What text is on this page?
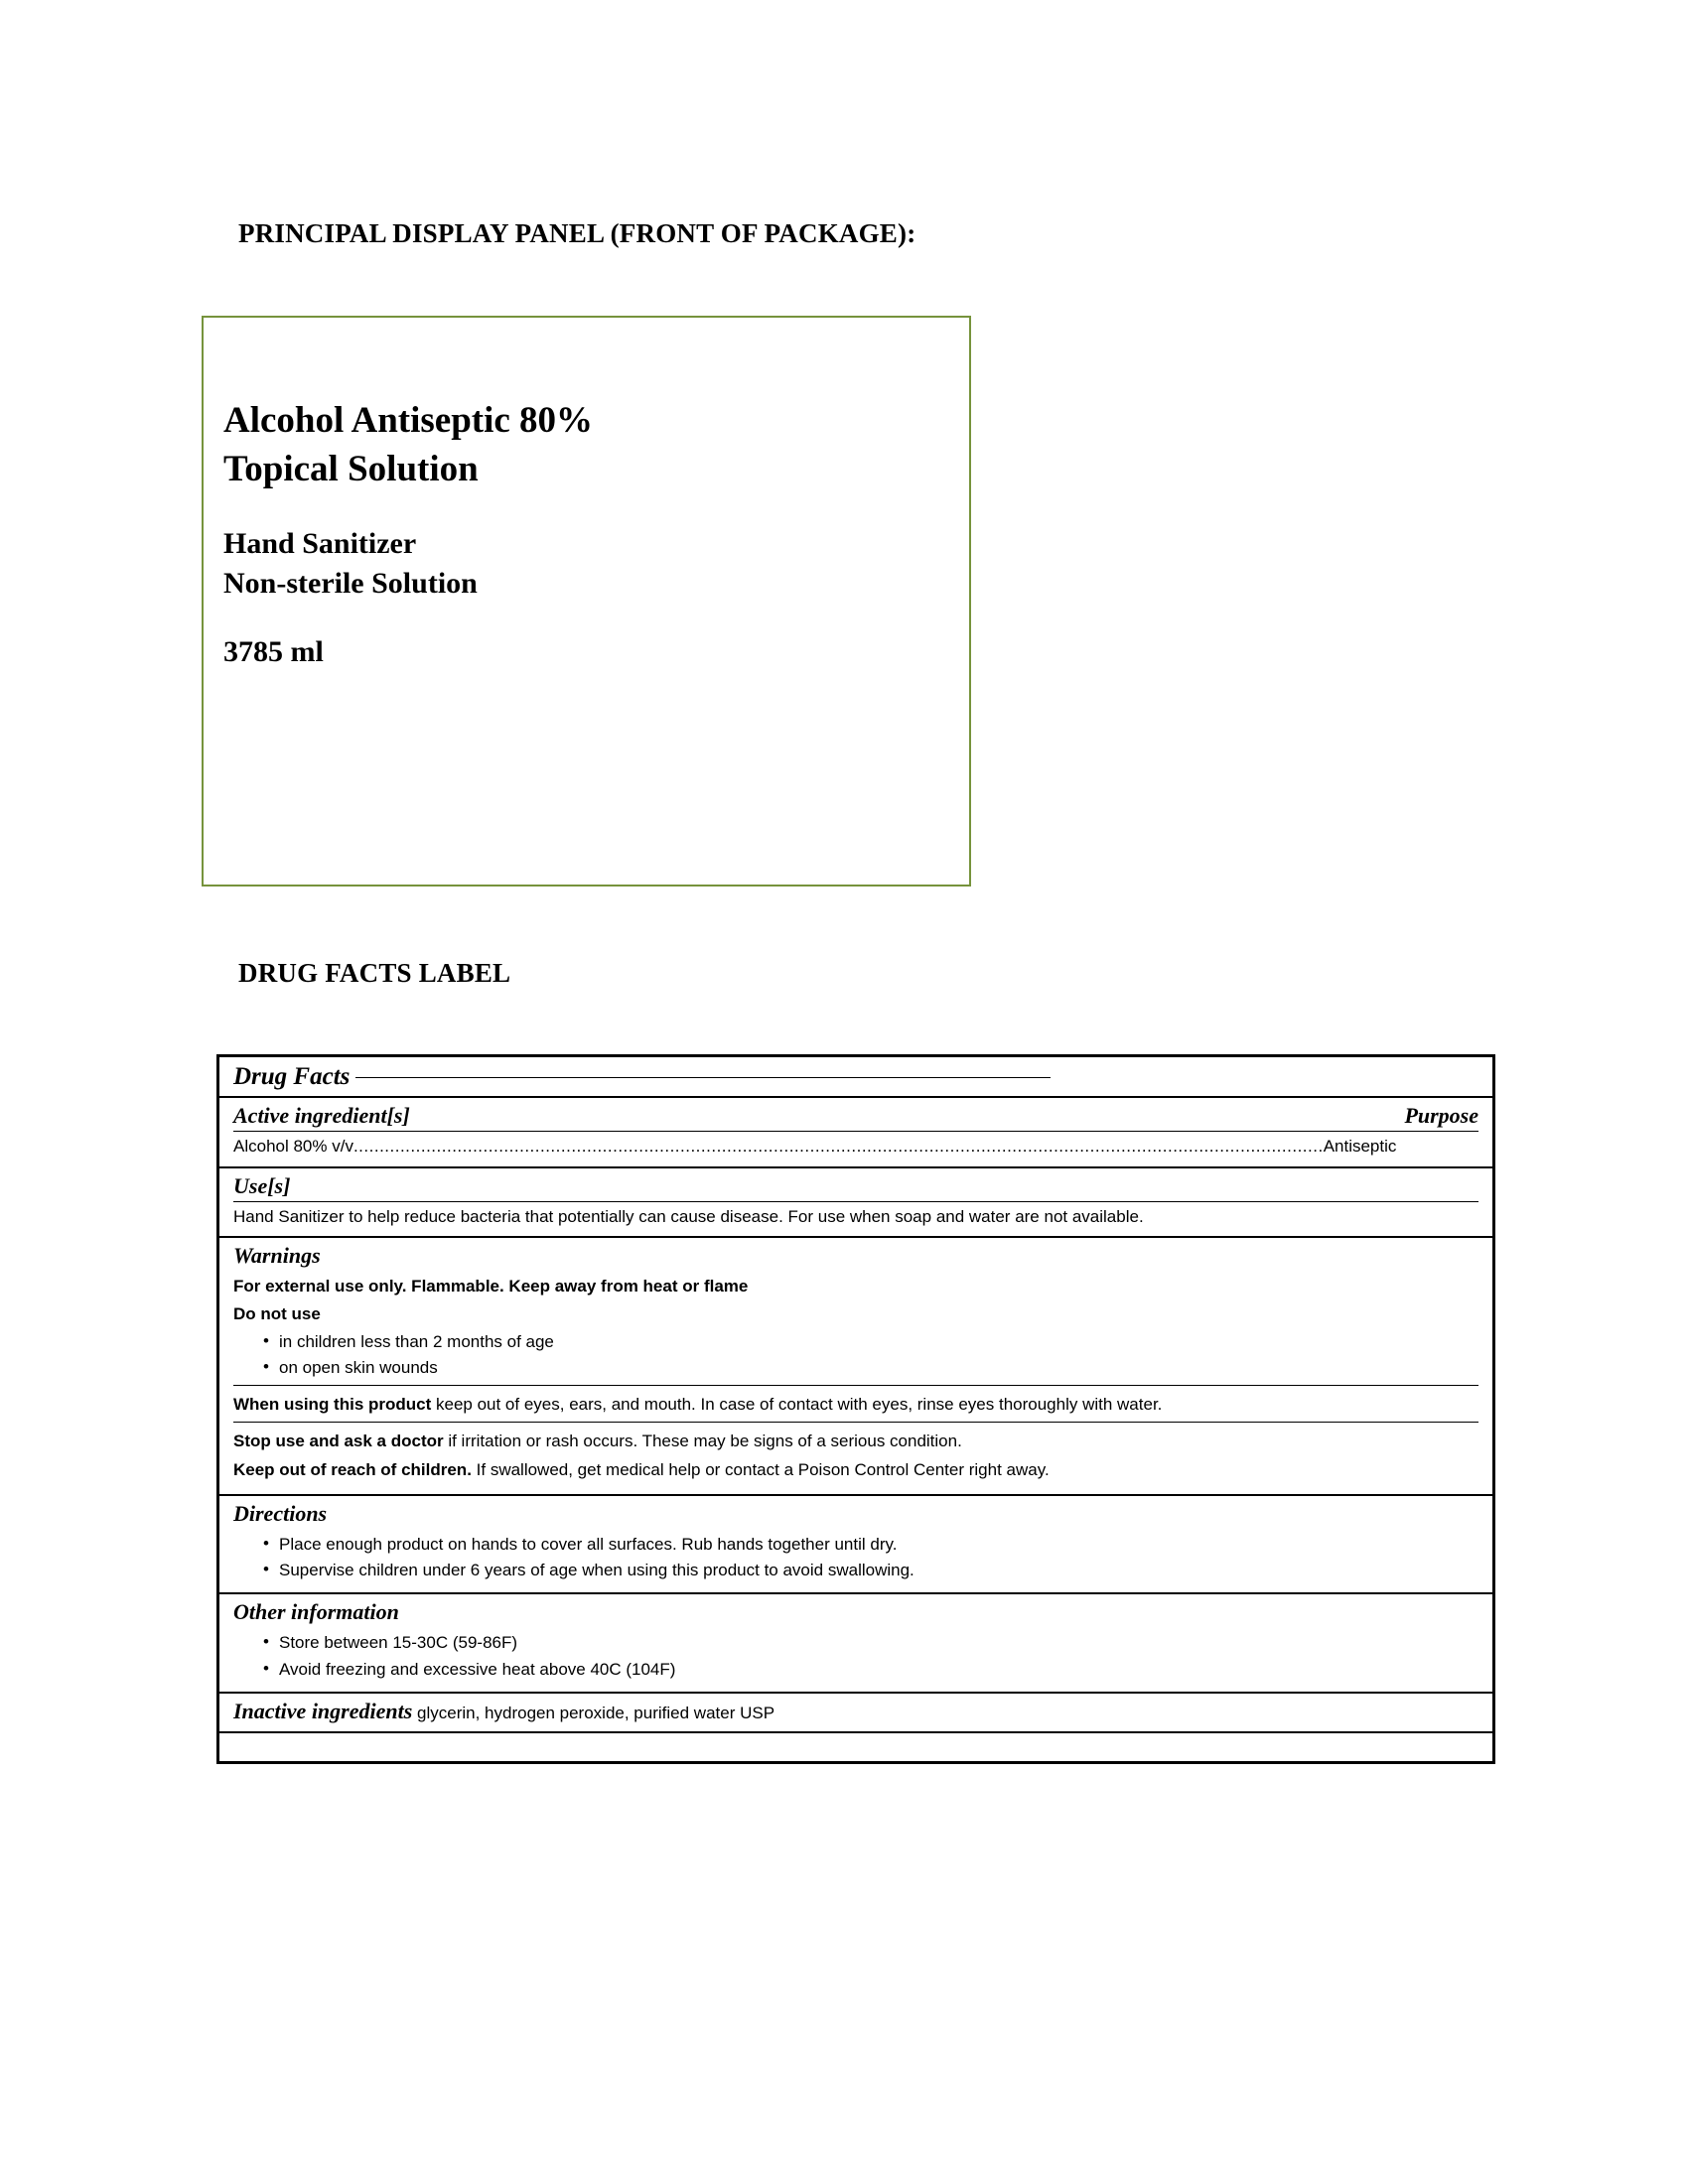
PRINCIPAL DISPLAY PANEL (FRONT OF PACKAGE):
Alcohol Antiseptic 80%
Topical Solution
Hand Sanitizer
Non-sterile Solution
3785 ml
DRUG FACTS LABEL
Drug Facts
Active ingredient[s]	Purpose
Alcohol 80% v/v...........................................................................................................................................................................................Antiseptic
Use[s]
Hand Sanitizer to help reduce bacteria that potentially can cause disease. For use when soap and water are not available.
Warnings
For external use only. Flammable. Keep away from heat or flame
Do not use
• in children less than 2 months of age
• on open skin wounds
When using this product keep out of eyes, ears, and mouth. In case of contact with eyes, rinse eyes thoroughly with water.
Stop use and ask a doctor if irritation or rash occurs. These may be signs of a serious condition.
Keep out of reach of children. If swallowed, get medical help or contact a Poison Control Center right away.
Directions
• Place enough product on hands to cover all surfaces. Rub hands together until dry.
• Supervise children under 6 years of age when using this product to avoid swallowing.
Other information
• Store between 15-30C (59-86F)
• Avoid freezing and excessive heat above 40C (104F)
Inactive ingredients glycerin, hydrogen peroxide, purified water USP
